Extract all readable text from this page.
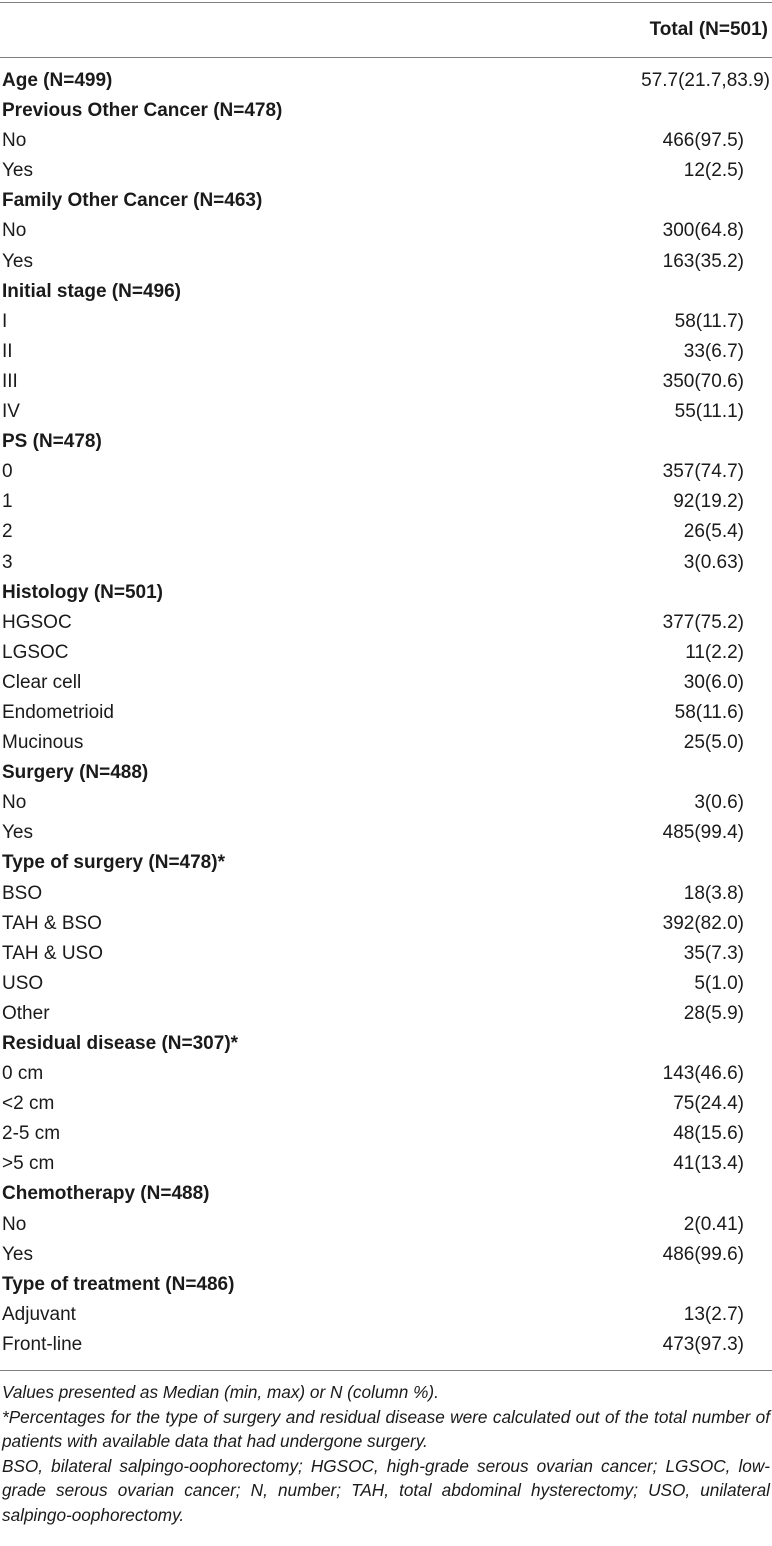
Total (N=501)
Age (N=499)	57.7(21.7,83.9)
Previous Other Cancer (N=478)
No	466(97.5)
Yes	12(2.5)
Family Other Cancer (N=463)
No	300(64.8)
Yes	163(35.2)
Initial stage (N=496)
I	58(11.7)
II	33(6.7)
III	350(70.6)
IV	55(11.1)
PS (N=478)
0	357(74.7)
1	92(19.2)
2	26(5.4)
3	3(0.63)
Histology (N=501)
HGSOC	377(75.2)
LGSOC	11(2.2)
Clear cell	30(6.0)
Endometrioid	58(11.6)
Mucinous	25(5.0)
Surgery (N=488)
No	3(0.6)
Yes	485(99.4)
Type of surgery (N=478)*
BSO	18(3.8)
TAH & BSO	392(82.0)
TAH & USO	35(7.3)
USO	5(1.0)
Other	28(5.9)
Residual disease (N=307)*
0 cm	143(46.6)
<2 cm	75(24.4)
2-5 cm	48(15.6)
>5 cm	41(13.4)
Chemotherapy (N=488)
No	2(0.41)
Yes	486(99.6)
Type of treatment (N=486)
Adjuvant	13(2.7)
Front-line	473(97.3)

Values presented as Median (min, max) or N (column %).

*Percentages for the type of surgery and residual disease were calculated out of the total number of patients with available data that had undergone surgery.

BSO, bilateral salpingo-oophorectomy; HGSOC, high-grade serous ovarian cancer; LGSOC, low-grade serous ovarian cancer; N, number; TAH, total abdominal hysterectomy; USO, unilateral salpingo-oophorectomy.
